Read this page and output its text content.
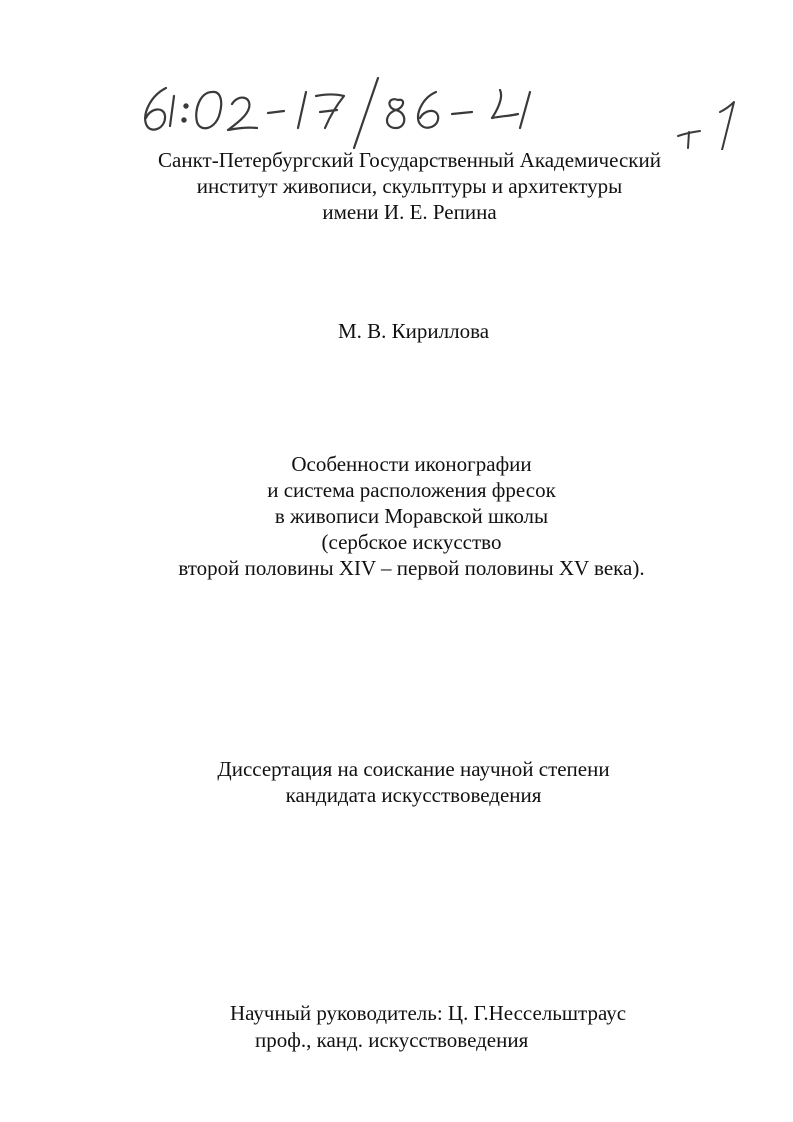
Санкт-Петербургский Государственный Академический
институт живописи, скульптуры и архитектуры
имени И. Е. Репина
М. В. Кириллова
Особенности иконографии
и система расположения фресок
в живописи Моравской школы
(сербское искусство
второй половины XIV – первой половины XV века).
Диссертация на соискание научной степени
кандидата искусствоведения
Научный руководитель: Ц. Г.Нессельштраус
проф., канд. искусствоведения
